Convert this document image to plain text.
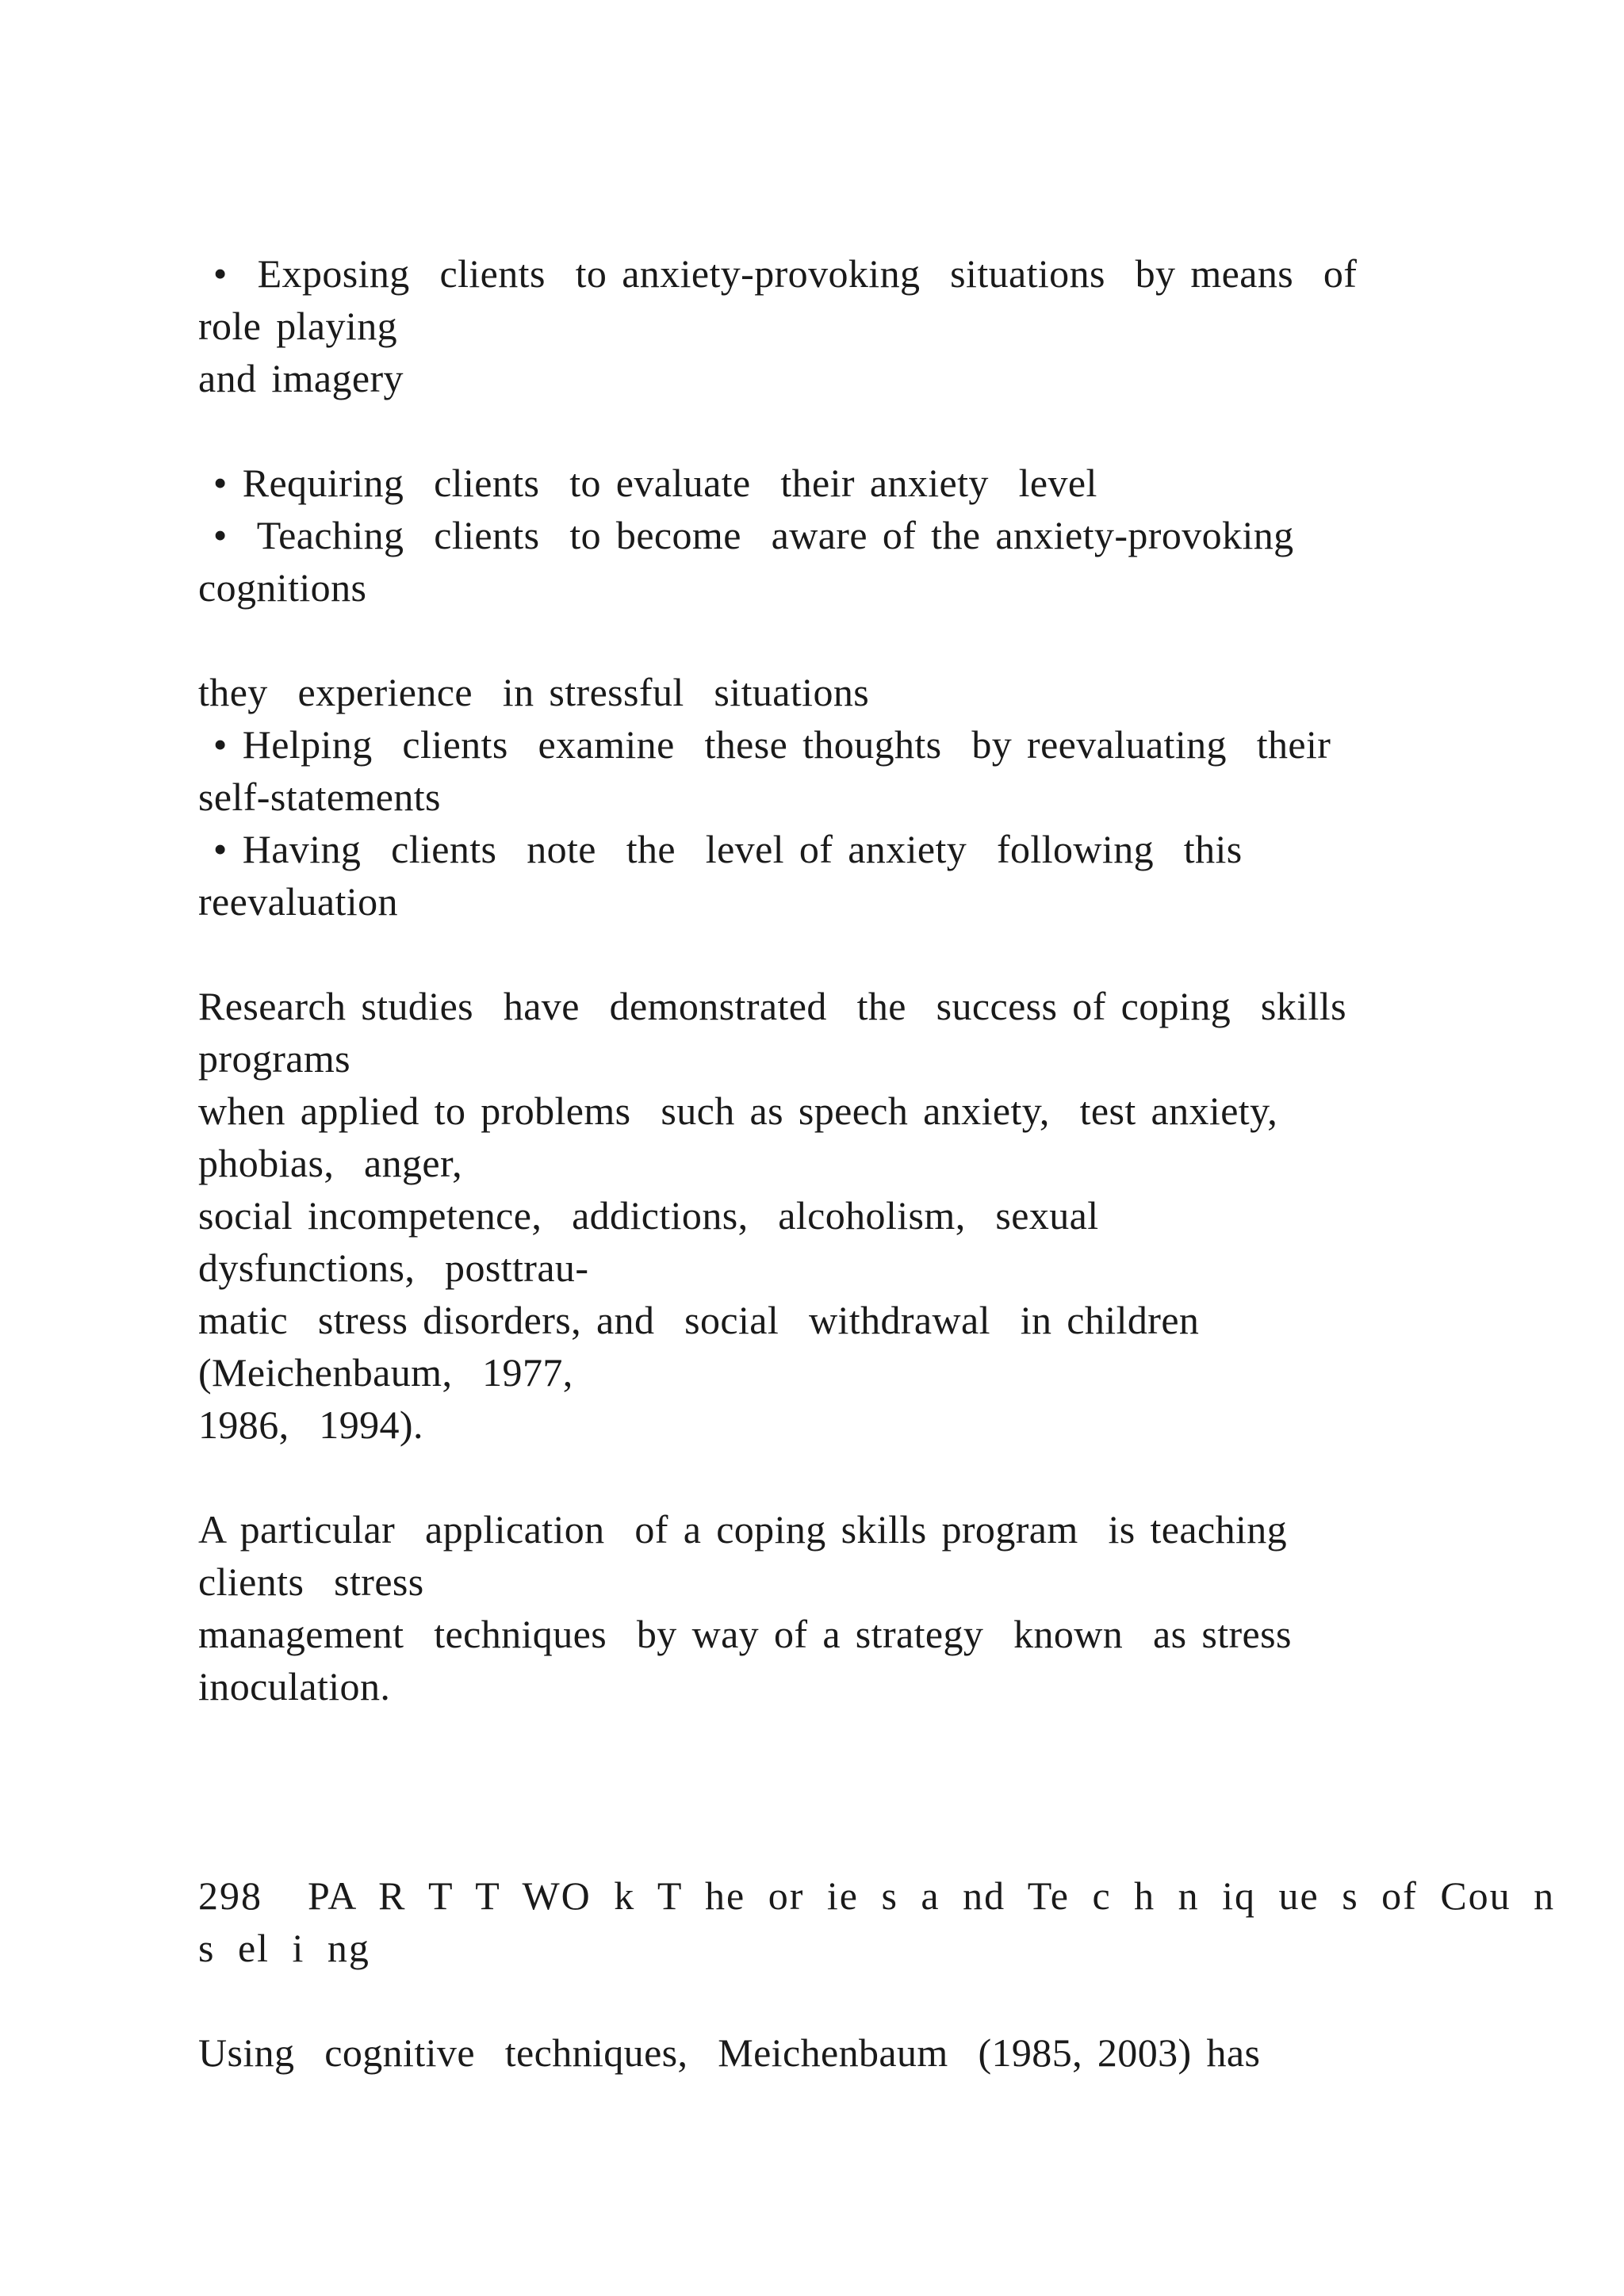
•  Exposing  clients  to anxiety-provoking  situations  by means  of

role playing

and imagery

• Requiring  clients  to evaluate  their anxiety  level

•  Teaching  clients  to become  aware of the anxiety-provoking

cognitions

they  experience  in stressful  situations

• Helping  clients  examine  these thoughts  by reevaluating  their

self-statements

• Having  clients  note  the  level of anxiety  following  this

reevaluation

Research studies  have  demonstrated  the  success of coping  skills

programs

when applied to problems  such as speech anxiety,  test anxiety,

phobias,  anger,

social incompetence,  addictions,  alcoholism,  sexual

dysfunctions,  posttrau-

matic  stress disorders, and  social  withdrawal  in children

(Meichenbaum,  1977,

1986,  1994).

A particular  application  of a coping skills program  is teaching

clients  stress

management  techniques  by way of a strategy  known  as stress

inoculation.

298  PA R T T WO k T he or ie s a nd Te c h n iq ue s of Cou n

s el i ng

Using  cognitive  techniques,  Meichenbaum  (1985, 2003) has
